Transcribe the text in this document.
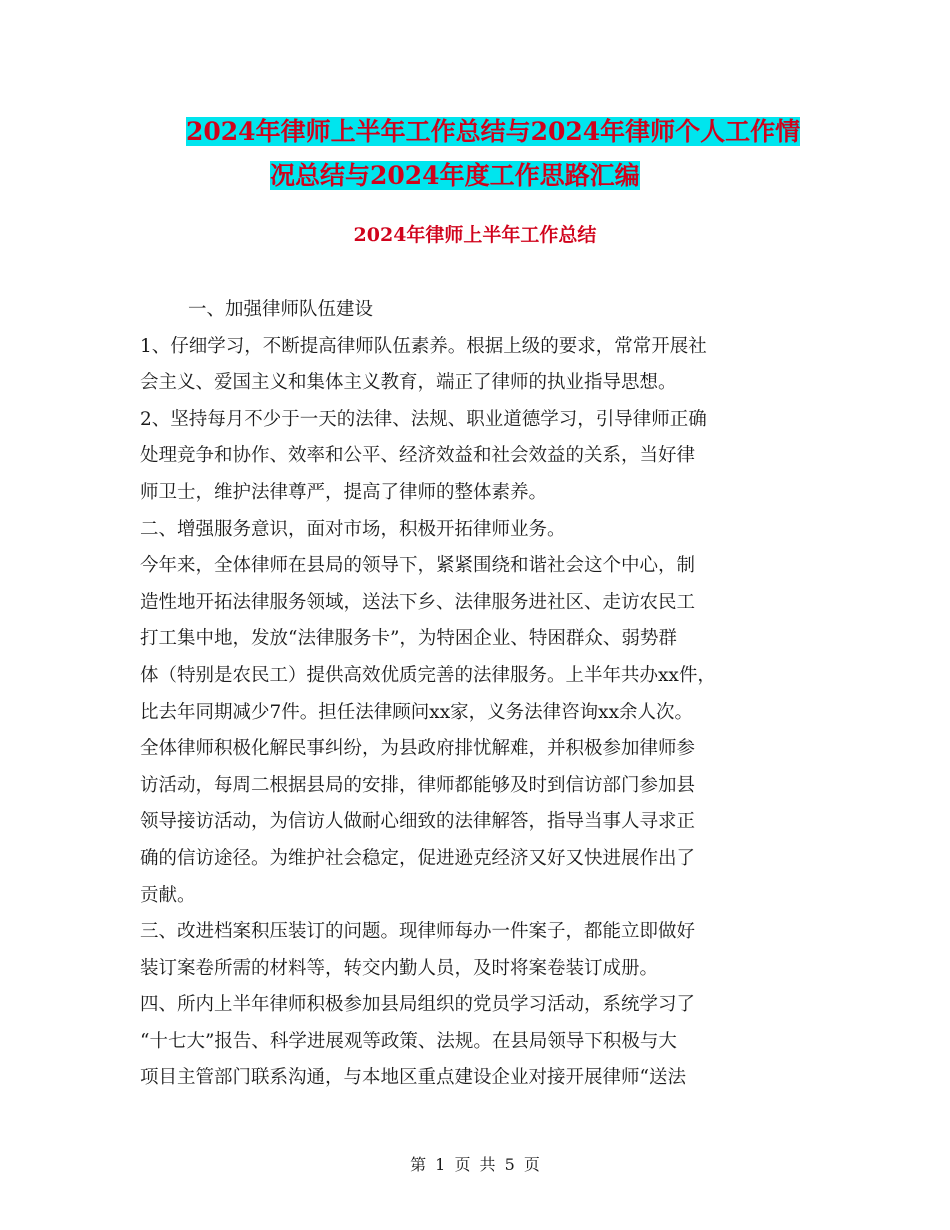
2024年律师上半年工作总结与2024年律师个人工作情
况总结与2024年度工作思路汇编
2024年律师上半年工作总结
一、加强律师队伍建设
1、仔细学习，不断提高律师队伍素养。根据上级的要求，常常开展社
会主义、爱国主义和集体主义教育，端正了律师的执业指导思想。
2、坚持每月不少于一天的法律、法规、职业道德学习，引导律师正确
处理竞争和协作、效率和公平、经济效益和社会效益的关系，当好律
师卫士，维护法律尊严，提高了律师的整体素养。
二、增强服务意识，面对市场，积极开拓律师业务。
今年来，全体律师在县局的领导下，紧紧围绕和谐社会这个中心，制
造性地开拓法律服务领域，送法下乡、法律服务进社区、走访农民工
打工集中地，发放“法律服务卡”，为特困企业、特困群众、弱势群
体（特别是农民工）提供高效优质完善的法律服务。上半年共办xx件，
比去年同期减少7件。担任法律顾问xx家，义务法律咨询xx余人次。
全体律师积极化解民事纠纷，为县政府排忧解难，并积极参加律师参
访活动，每周二根据县局的安排，律师都能够及时到信访部门参加县
领导接访活动，为信访人做耐心细致的法律解答，指导当事人寻求正
确的信访途径。为维护社会稳定，促进逊克经济又好又快进展作出了
贡献。
三、改进档案积压装订的问题。现律师每办一件案子，都能立即做好
装订案卷所需的材料等，转交内勤人员，及时将案卷装订成册。
四、所内上半年律师积极参加县局组织的党员学习活动，系统学习了
“十七大”报告、科学进展观等政策、法规。在县局领导下积极与大
项目主管部门联系沟通，与本地区重点建设企业对接开展律师“送法
第 1 页 共 5 页
